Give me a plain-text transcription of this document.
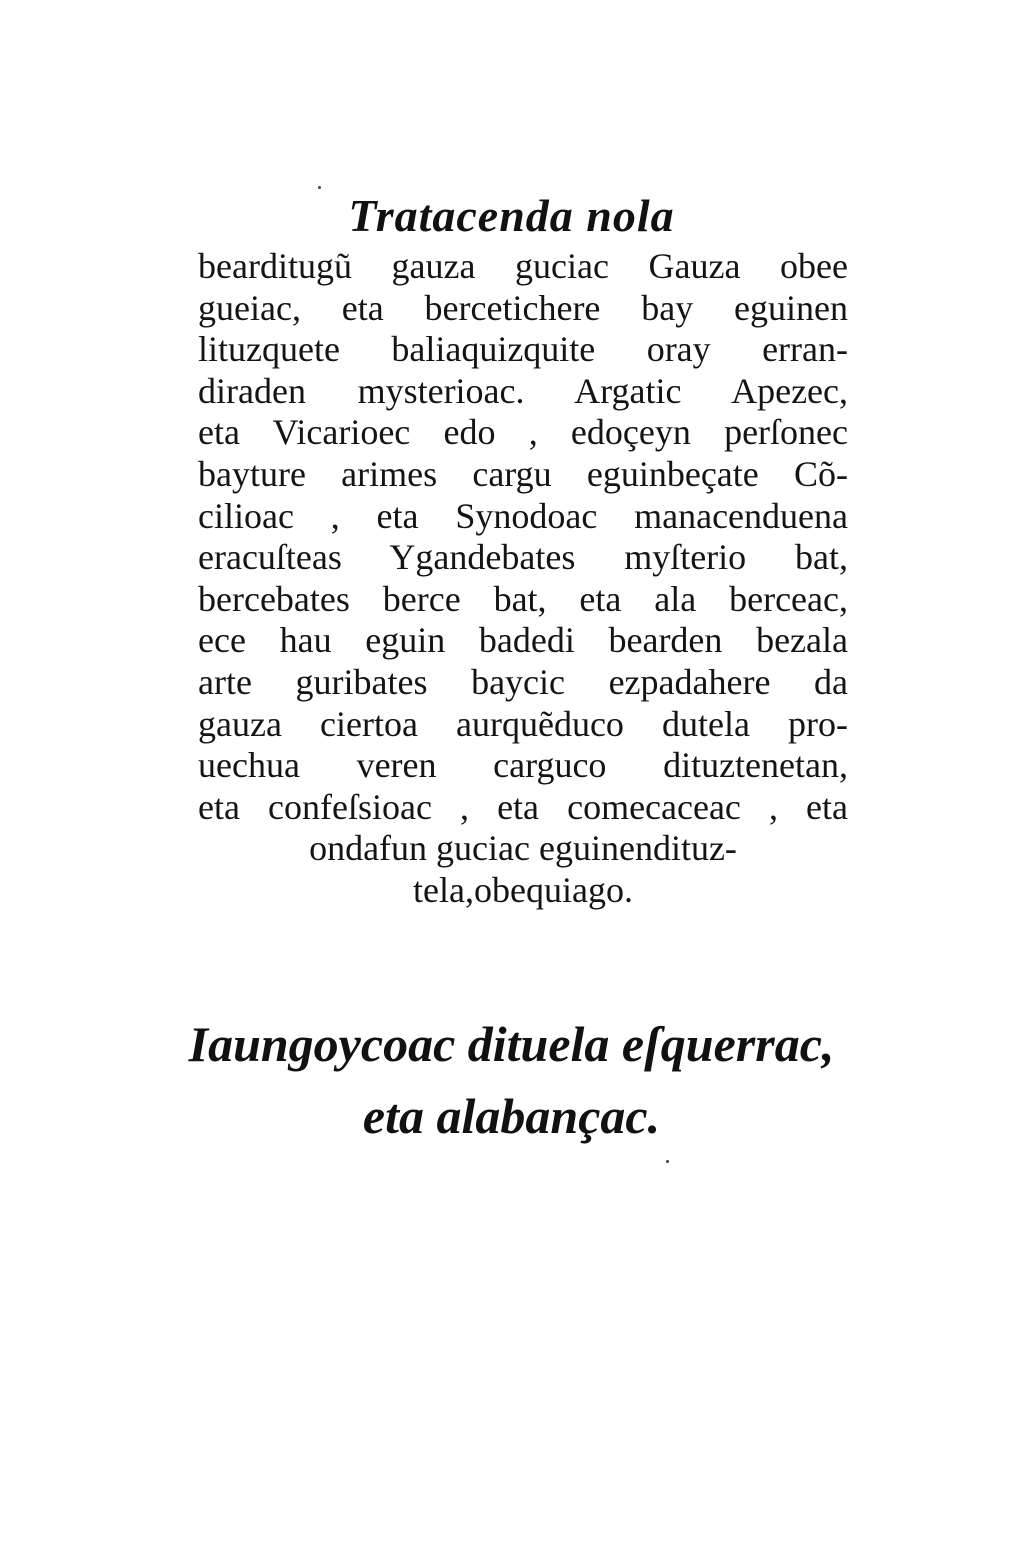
Tratacenda nola
bearditugũ gauza guciac Gauza obee
gueiac, eta bercetichere bay eguinen
lituzquete baliaquizquite oray erran-
diraden mysterioac. Argatic Apezec,
eta Vicarioec edo , edoçeyn perſonec
bayture arimes cargu eguinbeçate Cõ-
cilioac , eta Synodoac manacenduena
eracuſteas Ygandebates myſterio bat,
bercebates berce bat, eta ala berceac,
ece hau eguin badedi bearden bezala
arte guribates baycic ezpadahere da
gauza ciertoa aurquẽduco dutela pro-
uechua veren carguco dituztenetan,
eta confeſsioac , eta comecaceac , eta
ondafun guciac eguinendituz-
tela,obequiago.
Iaungoycoac dituela eſquerrac,
eta alabançac.
